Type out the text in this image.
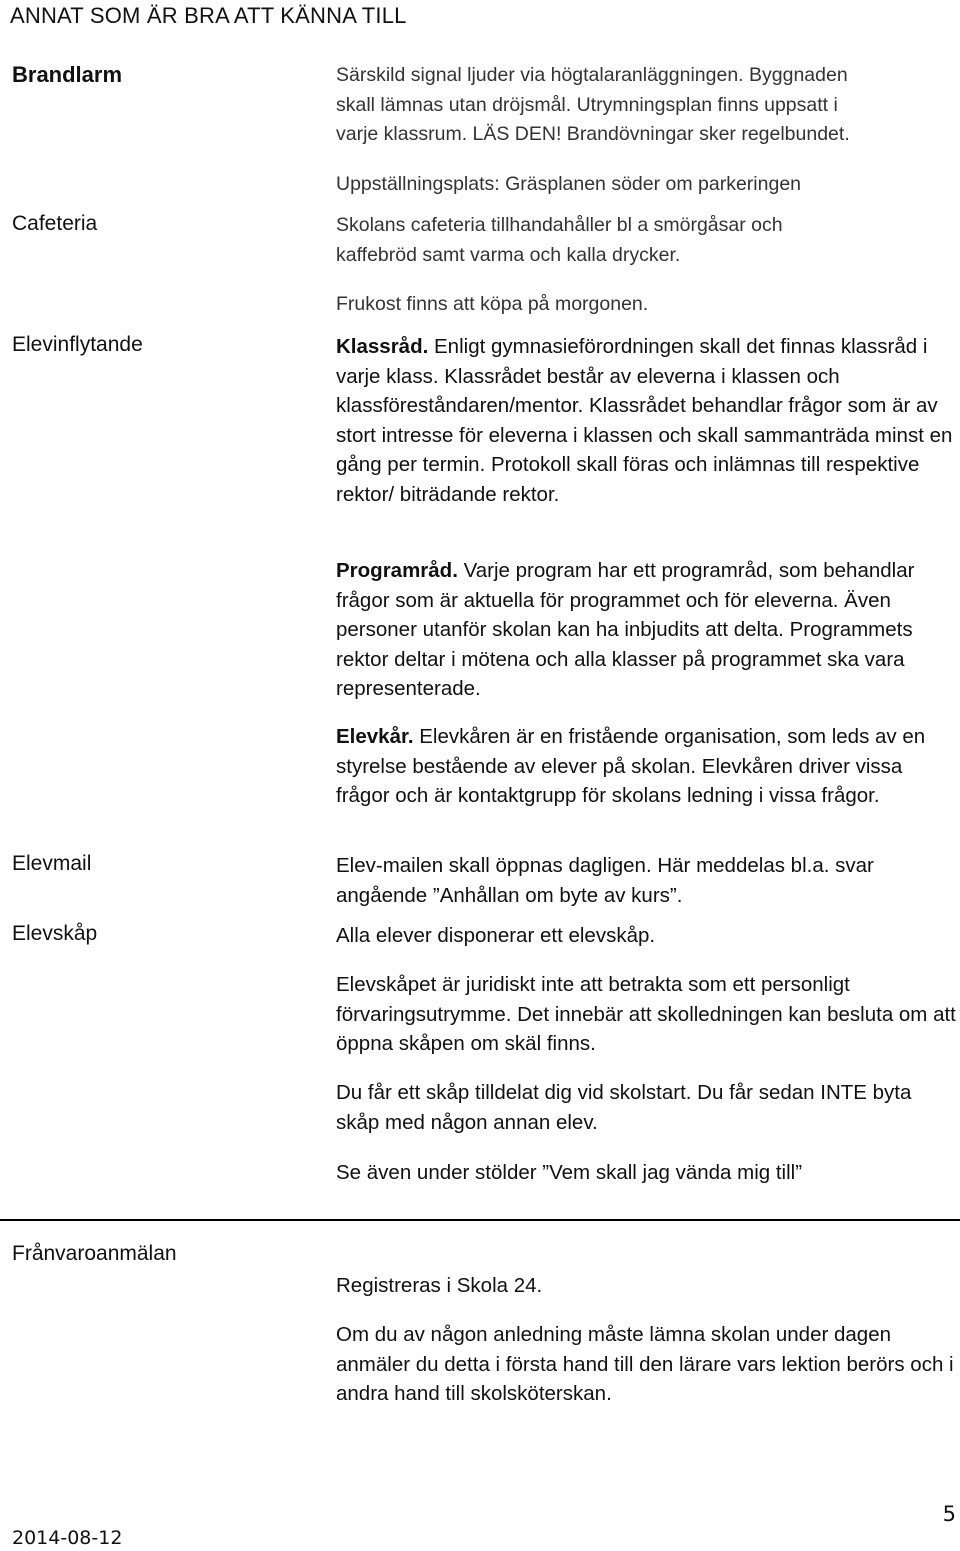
ANNAT SOM ÄR BRA ATT KÄNNA TILL
Brandlarm	Särskild signal ljuder via högtalaranläggningen. Byggnaden
skall lämnas utan dröjsmål. Utrymningsplan finns uppsatt i
varje klassrum. LÄS DEN! Brandövningar sker regelbundet.
Uppställningsplats: Gräsplanen söder om parkeringen
Cafeteria	Skolans cafeteria tillhandahåller bl a smörgåsar och
kaffebröd samt varma och kalla drycker.
Frukost finns att köpa på morgonen.
Elevinflytande	Klassråd. Enligt gymnasieförordningen skall det finnas klassråd i varje klass. Klassrådet består av eleverna i klassen och klassföreståndaren/mentor. Klassrådet behandlar frågor som är av stort intresse för eleverna i klassen och skall sammanträda minst en gång per termin. Protokoll skall föras och inlämnas till respektive rektor/ biträdande rektor.

Programråd. Varje program har ett programråd, som behandlar frågor som är aktuella för programmet och för eleverna. Även personer utanför skolan kan ha inbjudits att delta. Programmets rektor deltar i mötena och alla klasser på programmet ska vara representerade.

Elevkår. Elevkåren är en fristående organisation, som leds av en styrelse bestående av elever på skolan. Elevkåren driver vissa frågor och är kontaktgrupp för skolans ledning i vissa frågor.

Elevmail	Elev-mailen skall öppnas dagligen. Här meddelas bl.a. svar angående ”Anhållan om byte av kurs”.

Elevskåp	Alla elever disponerar ett elevskåp.

Elevskåpet är juridiskt inte att betrakta som ett personligt förvaringsutrymme. Det innebär att skolledningen kan besluta om att öppna skåpen om skäl finns.

Du får ett skåp tilldelat dig vid skolstart. Du får sedan INTE byta skåp med någon annan elev.

Se även under stölder ”Vem skall jag vända mig till”

Frånvaroanmälan

Registreras i Skola 24.

Om du av någon anledning måste lämna skolan under dagen anmäler du detta i första hand till den lärare vars lektion berörs och i andra hand till skolsköterskan.

2014-08-12
5
